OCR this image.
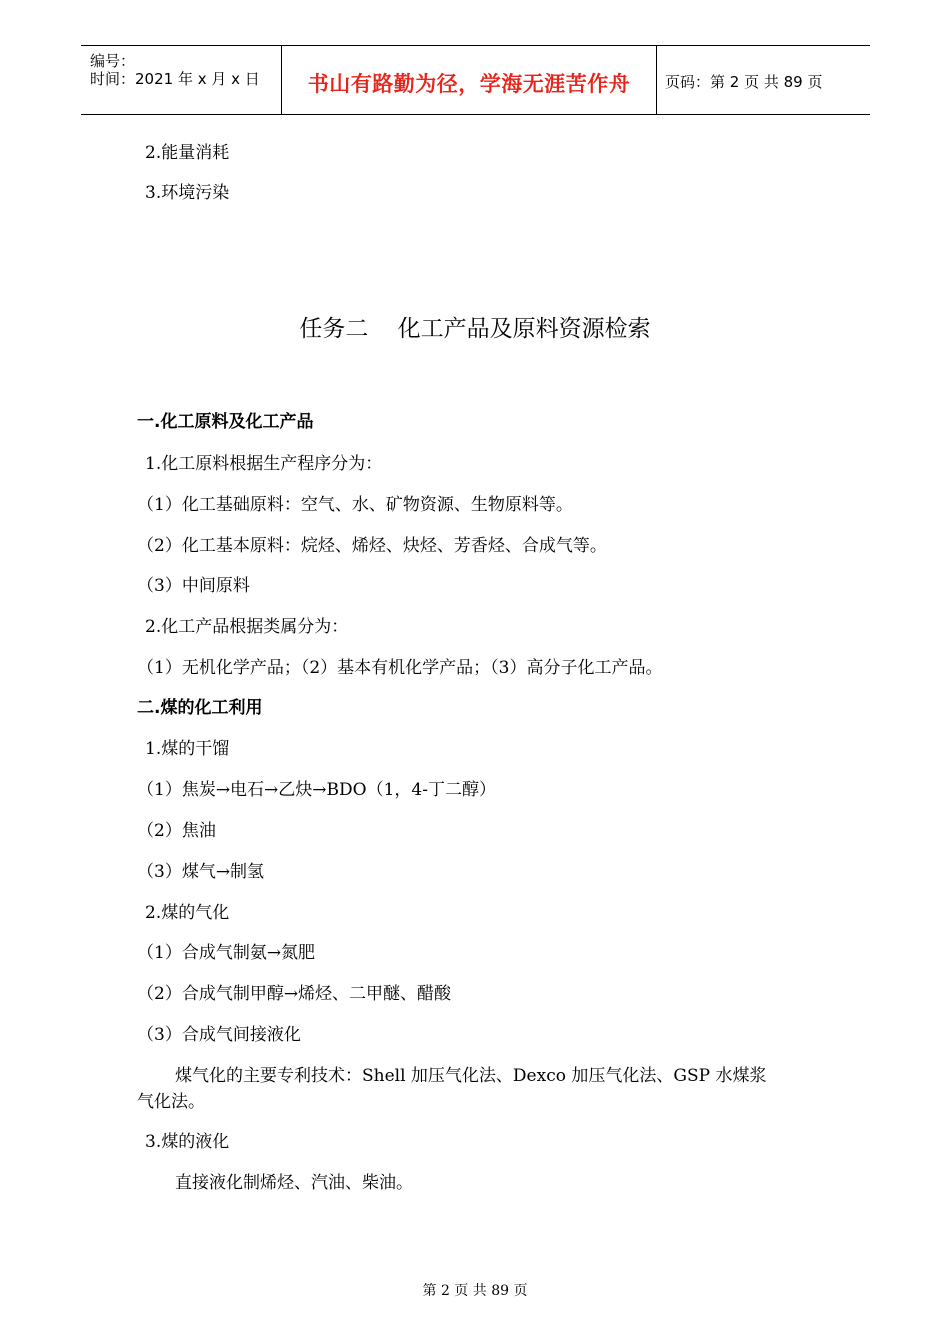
编号：
时间：2021 年 x 月 x 日	书山有路勤为径，学海无涯苦作舟	页码：第 2 页 共 89 页
2.能量消耗
3.环境污染
任务二    化工产品及原料资源检索
一.化工原料及化工产品
1.化工原料根据生产程序分为：
（1）化工基础原料：空气、水、矿物资源、生物原料等。
（2）化工基本原料：烷烃、烯烃、炔烃、芳香烃、合成气等。
（3）中间原料
2.化工产品根据类属分为：
（1）无机化学产品；（2）基本有机化学产品；（3）高分子化工产品。
二.煤的化工利用
1.煤的干馏
（1）焦炭→电石→乙炔→BDO（1，4-丁二醇）
（2）焦油
（3）煤气→制氢
2.煤的气化
（1）合成气制氨→氮肥
（2）合成气制甲醇→烯烃、二甲醚、醋酸
（3）合成气间接液化
煤气化的主要专利技术：Shell 加压气化法、Dexco 加压气化法、GSP 水煤浆
气化法。
3.煤的液化
直接液化制烯烃、汽油、柴油。
第 2 页 共 89 页
